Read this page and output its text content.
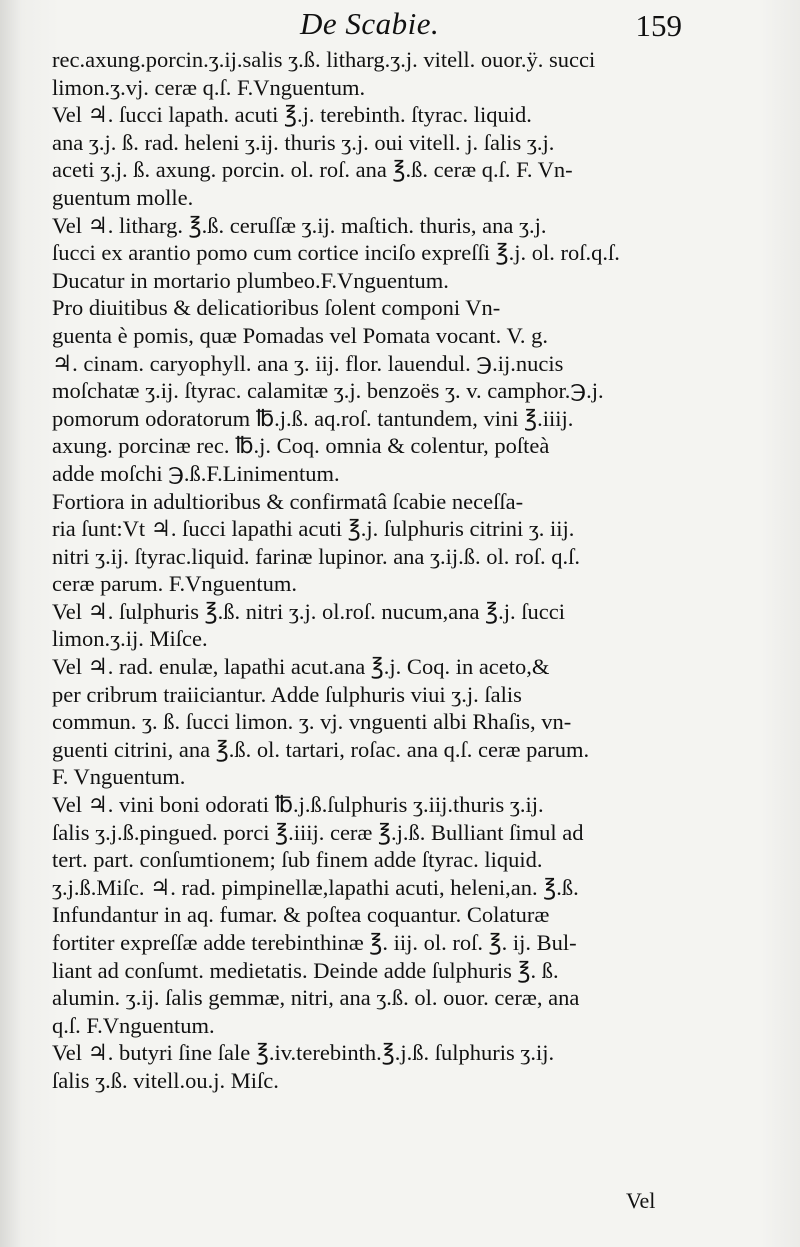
De Scabie.	159
rec.axung.porcin.ʒ.ij.salis ʒ.ß. litharg.ʒ.j. vitell. ouor.ÿ. succi
limon.ʒ.vj. ceræ q.ſ. F.Vnguentum.
Vel ♃. ſucci lapath. acuti ℥.j. terebinth. ſtyrac. liquid.
ana ʒ.j. ß. rad. heleni ʒ.ij. thuris ʒ.j. oui vitell. j. ſalis ʒ.j.
aceti ʒ.j. ß. axung. porcin. ol. roſ. ana ℥.ß. ceræ q.ſ. F. Vn-
guentum molle.
Vel ♃. litharg. ℥.ß. ceruſſæ ʒ.ij. maſtich. thuris, ana ʒ.j.
ſucci ex arantio pomo cum cortice inciſo expreſſi ℥.j. ol. roſ.q.ſ.
Ducatur in mortario plumbeo.F.Vnguentum.
Pro diuitibus & delicatioribus ſolent componi Vn-
guenta è pomis, quæ Pomadas vel Pomata vocant. V. g.
♃. cinam. caryophyll. ana ʒ. iij. flor. lauendul. ℈.ij.nucis
moſchatæ ʒ.ij. ſtyrac. calamitæ ʒ.j. benzoës ʒ. v. camphor.℈.j.
pomorum odoratorum ℔.j.ß. aq.roſ. tantundem, vini ℥.iiij.
axung. porcinæ rec. ℔.j. Coq. omnia & colentur, poſteà
adde moſchi ℈.ß.F.Linimentum.
Fortiora in adultioribus & confirmatâ ſcabie neceſſa-
ria ſunt:Vt ♃. ſucci lapathi acuti ℥.j. ſulphuris citrini ʒ. iij.
nitri ʒ.ij. ſtyrac.liquid. farinæ lupinor. ana ʒ.ij.ß. ol. roſ. q.ſ.
ceræ parum. F.Vnguentum.
Vel ♃. ſulphuris ℥.ß. nitri ʒ.j. ol.roſ. nucum,ana ℥.j. ſucci
limon.ʒ.ij. Miſce.
Vel ♃. rad. enulæ, lapathi acut.ana ℥.j. Coq. in aceto,&
per cribrum traiiciantur. Adde ſulphuris viui ʒ.j. ſalis
commun. ʒ. ß. ſucci limon. ʒ. vj. vnguenti albi Rhaſis, vn-
guenti citrini, ana ℥.ß. ol. tartari, roſac. ana q.ſ. ceræ parum.
F. Vnguentum.
Vel ♃. vini boni odorati ℔.j.ß.ſulphuris ʒ.iij.thuris ʒ.ij.
ſalis ʒ.j.ß.pingued. porci ℥.iiij. ceræ ℥.j.ß. Bulliant ſimul ad
tert. part. conſumtionem; ſub finem adde ſtyrac. liquid.
ʒ.j.ß.Miſc. ♃. rad. pimpinellæ,lapathi acuti, heleni,an. ℥.ß.
Infundantur in aq. fumar. & poſtea coquantur. Colaturæ
fortiter expreſſæ adde terebinthinæ ℥. iij. ol. roſ. ℥. ij. Bul-
liant ad conſumt. medietatis. Deinde adde ſulphuris ℥. ß.
alumin. ʒ.ij. ſalis gemmæ, nitri, ana ʒ.ß. ol. ouor. ceræ, ana
q.ſ. F.Vnguentum.
Vel ♃. butyri ſine ſale ℥.iv.terebinth.℥.j.ß. ſulphuris ʒ.ij.
ſalis ʒ.ß. vitell.ou.j. Miſc.
Vel
